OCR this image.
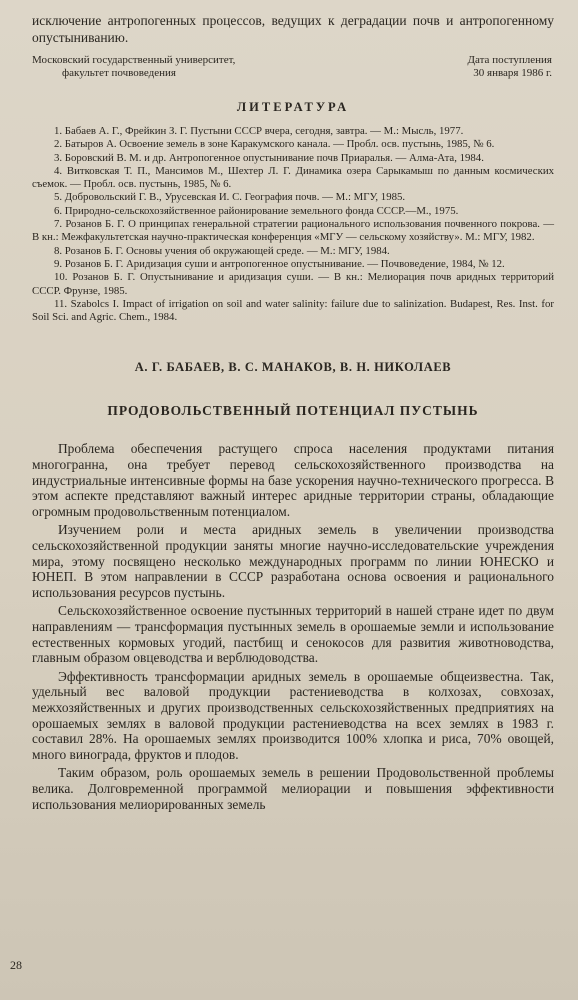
исключение антропогенных процессов, ведущих к деградации почв и антропогенному опустыниванию.

Московский государственный университет,
факультет почвоведения
Дата поступления
30 января 1986 г.
ЛИТЕРАТУРА

1. Бабаев А. Г., Фрейкин З. Г. Пустыни СССР вчера, сегодня, завтра. — М.: Мысль, 1977.

2. Батыров А. Освоение земель в зоне Каракумского канала. — Пробл. осв. пустынь, 1985, № 6.

3. Боровский В. М. и др. Антропогенное опустынивание почв Приаралья. — Алма-Ата, 1984.

4. Витковская Т. П., Мансимов М., Шехтер Л. Г. Динамика озера Сарыкамыш по данным космических съемок. — Пробл. осв. пустынь, 1985, № 6.

5. Добровольский Г. В., Урусевская И. С. География почв. — М.: МГУ, 1985.

6. Природно-сельскохозяйственное районирование земельного фонда СССР.—М., 1975.

7. Розанов Б. Г. О принципах генеральной стратегии рационального использования почвенного покрова. — В кн.: Межфакультетская научно-практическая конференция «МГУ — сельскому хозяйству». М.: МГУ, 1982.

8. Розанов Б. Г. Основы учения об окружающей среде. — М.: МГУ, 1984.

9. Розанов Б. Г. Аридизация суши и антропогенное опустынивание. — Почвоведение, 1984, № 12.

10. Розанов Б. Г. Опустынивание и аридизация суши. — В кн.: Мелиорация почв аридных территорий СССР. Фрунзе, 1985.

11. Szabolcs I. Impact of irrigation on soil and water salinity: failure due to salinization. Budapest, Res. Inst. for Soil Sci. and Agric. Chem., 1984.

А. Г. БАБАЕВ, В. С. МАНАКОВ, В. Н. НИКОЛАЕВ
ПРОДОВОЛЬСТВЕННЫЙ ПОТЕНЦИАЛ ПУСТЫНЬ

Проблема обеспечения растущего спроса населения продуктами питания многогранна, она требует перевод сельскохозяйственного производства на индустриальные интенсивные формы на базе ускорения научно-технического прогресса. В этом аспекте представляют важный интерес аридные территории страны, обладающие огромным продовольственным потенциалом.

Изучением роли и места аридных земель в увеличении производства сельскохозяйственной продукции заняты многие научно-исследовательские учреждения мира, этому посвящено несколько международных программ по линии ЮНЕСКО и ЮНЕП. В этом направлении в СССР разработана основа освоения и рационального использования ресурсов пустынь.

Сельскохозяйственное освоение пустынных территорий в нашей стране идет по двум направлениям — трансформация пустынных земель в орошаемые земли и использование естественных кормовых угодий, пастбищ и сенокосов для развития животноводства, главным образом овцеводства и верблюдоводства.

Эффективность трансформации аридных земель в орошаемые общеизвестна. Так, удельный вес валовой продукции растениеводства в колхозах, совхозах, межхозяйственных и других производственных сельскохозяйственных предприятиях на орошаемых землях в валовой продукции растениеводства на всех землях в 1983 г. составил 28%. На орошаемых землях производится 100% хлопка и риса, 70% овощей, много винограда, фруктов и плодов.

Таким образом, роль орошаемых земель в решении Продовольственной проблемы велика. Долговременной программой мелиорации и повышения эффективности использования мелиорированных земель

28
